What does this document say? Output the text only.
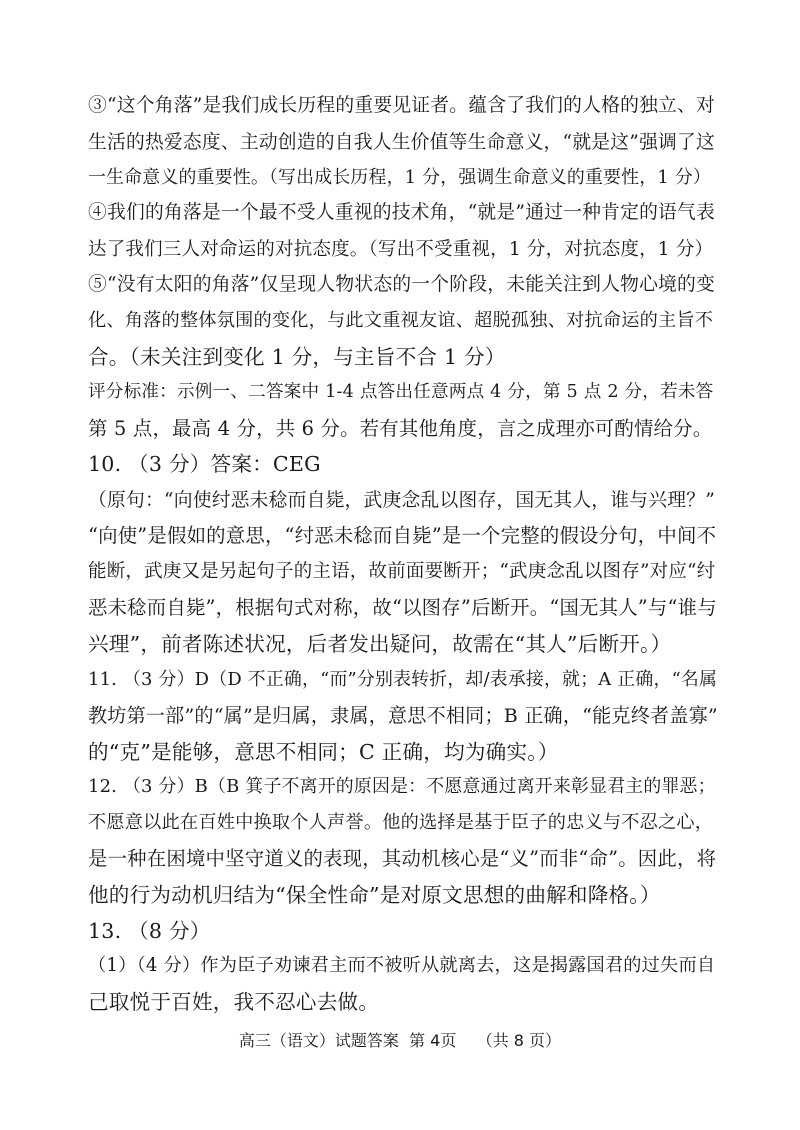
③“这个角落”是我们成长历程的重要见证者。蕴含了我们的人格的独立、对
生活的热爱态度、主动创造的自我人生价值等生命意义，“就是这”强调了这
一生命意义的重要性。（写出成长历程，1 分，强调生命意义的重要性，1 分）
④我们的角落是一个最不受人重视的技术角，“就是”通过一种肯定的语气表
达了我们三人对命运的对抗态度。（写出不受重视，1 分，对抗态度，1 分）
⑤“没有太阳的角落”仅呈现人物状态的一个阶段，未能关注到人物心境的变
化、角落的整体氛围的变化，与此文重视友谊、超脱孤独、对抗命运的主旨不
合。（未关注到变化 1 分，与主旨不合 1 分）
评分标准：示例一、二答案中 1-4 点答出任意两点 4 分，第 5 点 2 分，若未答
第 5 点，最高 4 分，共 6 分。若有其他角度，言之成理亦可酌情给分。
10. （3 分）答案：CEG
（原句：“向使纣恶未稔而自毙，武庚念乱以图存，国无其人，谁与兴理？”
“向使”是假如的意思，“纣恶未稔而自毙”是一个完整的假设分句，中间不
能断，武庚又是另起句子的主语，故前面要断开；“武庚念乱以图存”对应“纣
恶未稔而自毙”，根据句式对称，故“以图存”后断开。“国无其人”与“谁与
兴理”，前者陈述状况，后者发出疑问，故需在“其人”后断开。）
11. （3 分）D（D 不正确，“而”分别表转折，却/表承接，就；A 正确，“名属
教坊第一部”的“属”是归属，隶属，意思不相同；B 正确，“能克终者盖寡”
的“克”是能够，意思不相同；C 正确，均为确实。）
12. （3 分）B（B 箕子不离开的原因是：不愿意通过离开来彰显君主的罪恶；
不愿意以此在百姓中换取个人声誉。他的选择是基于臣子的忠义与不忍之心，
是一种在困境中坚守道义的表现，其动机核心是“义”而非“命”。因此，将
他的行为动机归结为“保全性命”是对原文思想的曲解和降格。）
13. （8 分）
（1）（4 分）作为臣子劝谏君主而不被听从就离去，这是揭露国君的过失而自
己取悦于百姓，我不忍心去做。
高三（语文）试题答案  第 4页    （共 8 页）
